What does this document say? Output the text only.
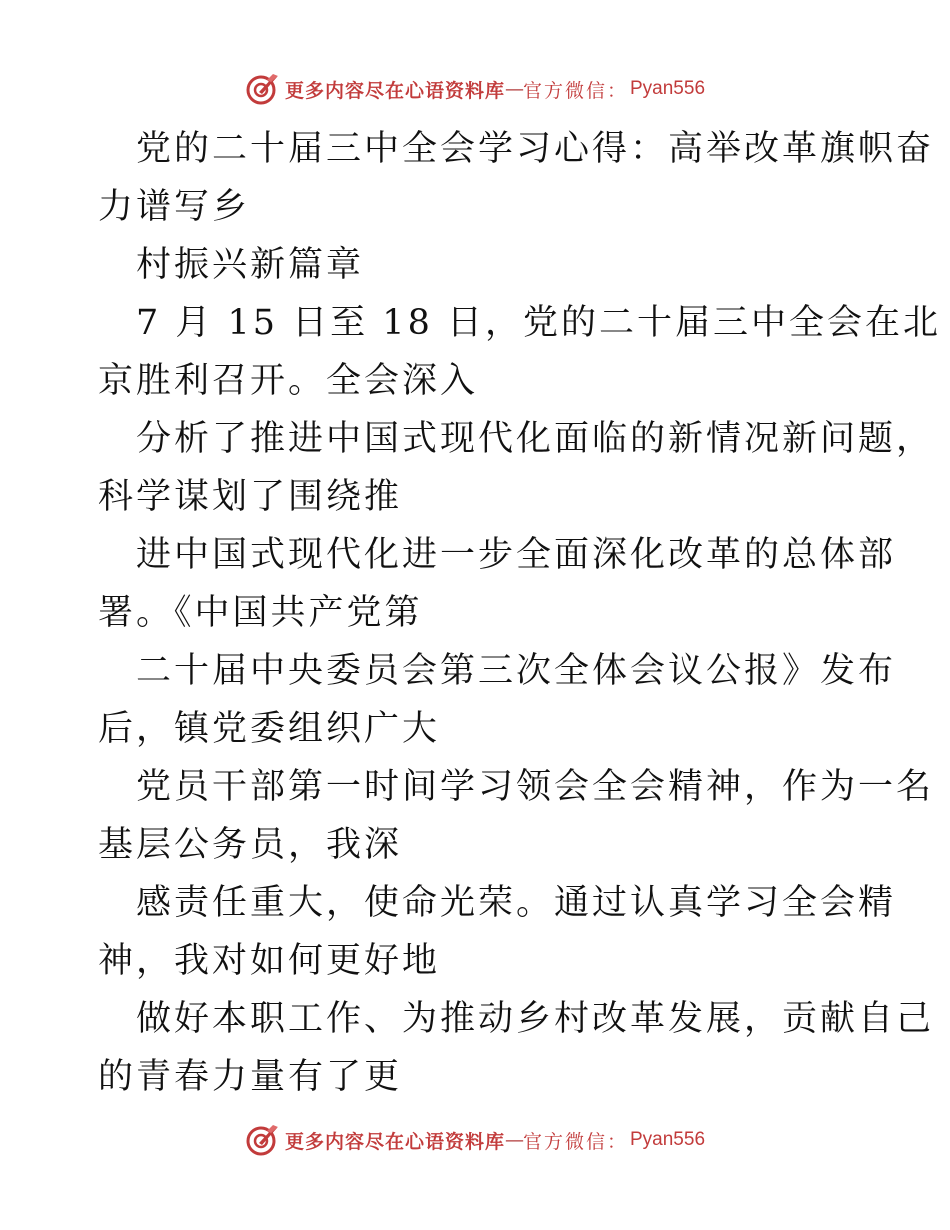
更多内容尽在心语资料库 — 官方微信： Pyan556
党的二十届三中全会学习心得：高举改革旗帜奋
力谱写乡
村振兴新篇章
7 月 15 日至 18 日，党的二十届三中全会在北
京胜利召开。全会深入
分析了推进中国式现代化面临的新情况新问题，
科学谋划了围绕推
进中国式现代化进一步全面深化改革的总体部
署。《中国共产党第
二十届中央委员会第三次全体会议公报》发布
后，镇党委组织广大
党员干部第一时间学习领会全会精神，作为一名
基层公务员，我深
感责任重大，使命光荣。通过认真学习全会精
神，我对如何更好地
做好本职工作、为推动乡村改革发展，贡献自己
的青春力量有了更
更多内容尽在心语资料库 — 官方微信： Pyan556
